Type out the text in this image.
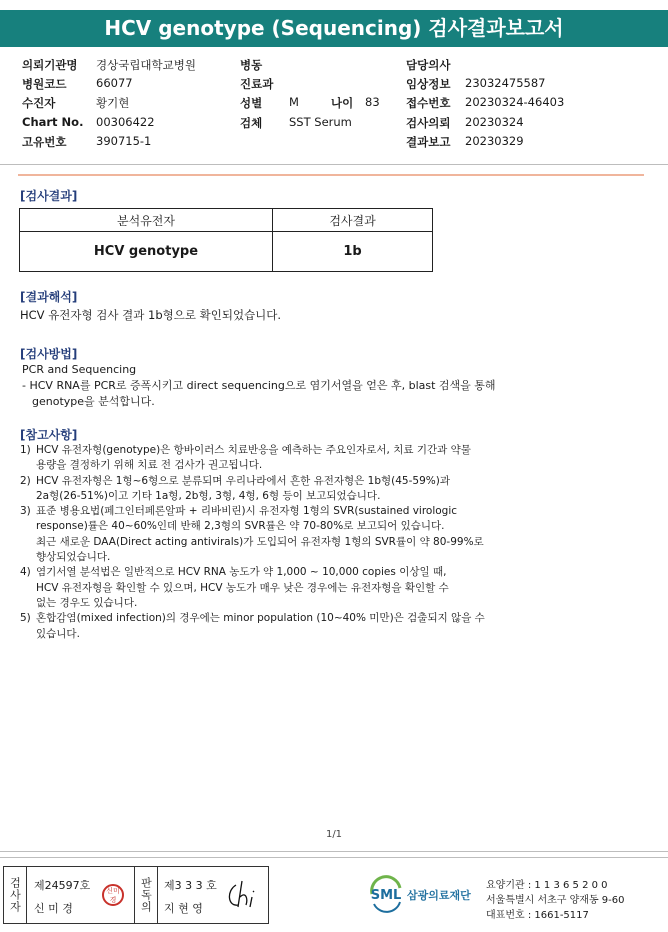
HCV genotype (Sequencing) 검사결과보고서
의뢰기관명 경상국립대학교병원
병원코드	66077
수진자	황기현
Chart No. 00306422
고유번호	390715-1
병동
진료과
성별 M	나이 83
검체 SST Serum
담당의사
임상정보 23032475587
접수번호 20230324-46403
검사의뢰 20230324
결과보고 20230329
[검사결과]
분석유전자	검사결과
HCV genotype	1b
[결과해석]
HCV 유전자형 검사 결과 1b형으로 확인되었습니다.
[검사방법]
PCR and Sequencing
- HCV RNA를 PCR로 증폭시키고 direct sequencing으로 염기서열을 얻은 후, blast 검색을 통해
genotype을 분석합니다.
[참고사항]
1) HCV 유전자형(genotype)은 항바이러스 치료반응을 예측하는 주요인자로서, 치료 기간과 약물
용량을 결정하기 위해 치료 전 검사가 권고됩니다.
2) HCV 유전자형은 1형~6형으로 분류되며 우리나라에서 흔한 유전자형은 1b형(45-59%)과
2a형(26-51%)이고 기타 1a형, 2b형, 3형, 4형, 6형 등이 보고되었습니다.
3) 표준 병용요법(페그인터페론알파 + 리바비린)시 유전자형 1형의 SVR(sustained virologic
response)률은 40~60%인데 반해 2,3형의 SVR률은 약 70-80%로 보고되어 있습니다.
최근 새로운 DAA(Direct acting antivirals)가 도입되어 유전자형 1형의 SVR률이 약 80-99%로
향상되었습니다.
4) 염기서열 분석법은 일반적으로 HCV RNA 농도가 약 1,000 ~ 10,000 copies 이상일 때,
HCV 유전자형을 확인할 수 있으며, HCV 농도가 매우 낮은 경우에는 유전자형을 확인할 수
없는 경우도 있습니다.
5) 혼합감염(mixed infection)의 경우에는 minor population (10~40% 미만)은 검출되지 않을 수
있습니다.
1/1
검사자	제24597호
신 미 경
신미경	판독의	제3 3 3 호
지 현 영
SML 삼광의료재단
요양기관 : 1 1 3 6 5 2 0 0
서울특별시 서초구 양재동 9-60
대표번호 : 1661-5117
